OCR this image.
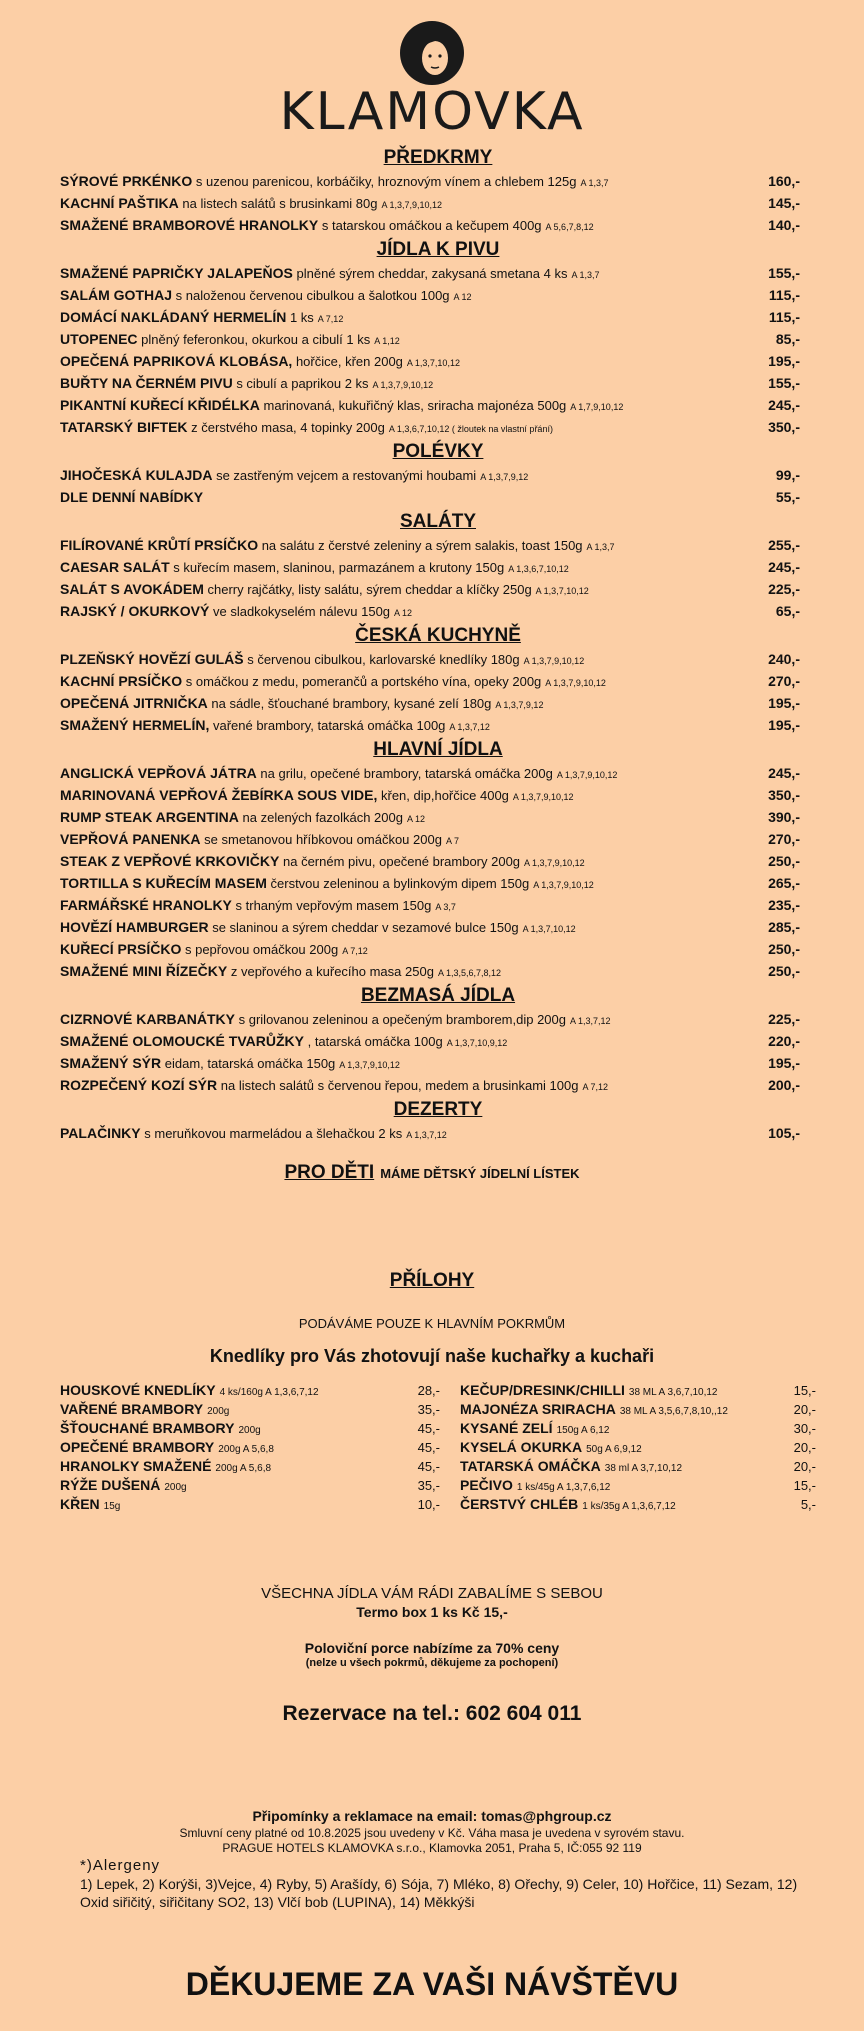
KLAMOVKA
PŘEDKRMY
SÝROVÉ PRKÉNKO s uzenou parenicou, korbáčiky, hroznovým vínem a chlebem 125g A 1,3,7	160,-
KACHNÍ PAŠTIKA na listech salátů s brusinkami 80g A 1,3,7,9,10,12	145,-
SMAŽENÉ BRAMBOROVÉ HRANOLKY s tatarskou omáčkou a kečupem 400g A 5,6,7,8,12	140,-
JÍDLA K PIVU
SMAŽENÉ PAPRIČKY JALAPEŇOS plněné sýrem cheddar, zakysaná smetana 4 ks A 1,3,7	155,-
SALÁM GOTHAJ s naloženou červenou cibulkou a šalotkou 100g A 12	115,-
DOMÁCÍ NAKLÁDANÝ HERMELÍN 1 ks A 7,12	115,-
UTOPENEC plněný feferonkou, okurkou a cibulí 1 ks A 1,12	85,-
OPEČENÁ PAPRIKOVÁ KLOBÁSA, hořčice, křen 200g A 1,3,7,10,12	195,-
BUŘTY NA ČERNÉM PIVU s cibulí a paprikou 2 ks A 1,3,7,9,10,12	155,-
PIKANTNÍ KUŘECÍ KŘIDÉLKA marinovaná, kukuřičný klas, sriracha majonéza 500g A 1,7,9,10,12	245,-
TATARSKÝ BIFTEK z čerstvého masa, 4 topinky 200g A 1,3,6,7,10,12 ( žloutek na vlastní přání)	350,-
POLÉVKY
JIHOČESKÁ KULAJDA se zastřeným vejcem a restovanými houbami A 1,3,7,9,12	99,-
DLE DENNÍ NABÍDKY	55,-
SALÁTY
FILÍROVANÉ KRŮTÍ PRSÍČKO na salátu z čerstvé zeleniny a sýrem salakis, toast 150g A 1,3,7	255,-
CAESAR SALÁT s kuřecím masem, slaninou, parmazánem a krutony 150g A 1,3,6,7,10,12	245,-
SALÁT S AVOKÁDEM cherry rajčátky, listy salátu, sýrem cheddar a klíčky 250g A 1,3,7,10,12	225,-
RAJSKÝ / OKURKOVÝ ve sladkokyselém nálevu 150g A 12	65,-
ČESKÁ KUCHYNĚ
PLZEŇSKÝ HOVĚZÍ GULÁŠ s červenou cibulkou, karlovarské knedlíky 180g A 1,3,7,9,10,12	240,-
KACHNÍ PRSÍČKO s omáčkou z medu, pomerančů a portského vína, opeky 200g A 1,3,7,9,10,12	270,-
OPEČENÁ JITRNIČKA na sádle, šťouchané brambory, kysané zelí 180g A 1,3,7,9,12	195,-
SMAŽENÝ HERMELÍN, vařené brambory, tatarská omáčka 100g A 1,3,7,12	195,-
HLAVNÍ JÍDLA
ANGLICKÁ VEPŘOVÁ JÁTRA na grilu, opečené brambory, tatarská omáčka 200g A 1,3,7,9,10,12	245,-
MARINOVANÁ VEPŘOVÁ ŽEBÍRKA SOUS VIDE, křen, dip,hořčice 400g A 1,3,7,9,10,12	350,-
RUMP STEAK ARGENTINA na zelených fazolkách 200g A 12	390,-
VEPŘOVÁ PANENKA se smetanovou hříbkovou omáčkou 200g A 7	270,-
STEAK Z VEPŘOVÉ KRKOVIČKY na černém pivu, opečené brambory 200g A 1,3,7,9,10,12	250,-
TORTILLA S KUŘECÍM MASEM čerstvou zeleninou a bylinkovým dipem 150g A 1,3,7,9,10,12	265,-
FARMÁŘSKÉ HRANOLKY s trhaným vepřovým masem 150g A 3,7	235,-
HOVĚZÍ HAMBURGER se slaninou a sýrem cheddar v sezamové bulce 150g A 1,3,7,10,12	285,-
KUŘECÍ PRSÍČKO s pepřovou omáčkou 200g A 7,12	250,-
SMAŽENÉ MINI ŘÍZEČKY z vepřového a kuřecího masa 250g A 1,3,5,6,7,8,12	250,-
BEZMASÁ JÍDLA
CIZRNOVÉ KARBANÁTKY s grilovanou zeleninou a opečeným bramborem,dip 200g A 1,3,7,12	225,-
SMAŽENÉ OLOMOUCKÉ TVARŮŽKY , tatarská omáčka 100g A 1,3,7,10,9,12	220,-
SMAŽENÝ SÝR eidam, tatarská omáčka 150g A 1,3,7,9,10,12	195,-
ROZPEČENÝ KOZÍ SÝR na listech salátů s červenou řepou, medem a brusinkami 100g A 7,12	200,-
DEZERTY
PALAČINKY s meruňkovou marmeládou a šlehačkou 2 ks A 1,3,7,12	105,-
PRO DĚTI MÁME DĚTSKÝ JÍDELNÍ LÍSTEK
PŘÍLOHY
PODÁVÁME POUZE K HLAVNÍM POKRMŮM
Knedlíky pro Vás zhotovují naše kuchařky a kuchaři
HOUSKOVÉ KNEDLÍKY 4 ks/160g A 1,3,6,7,12	28,-
VAŘENÉ BRAMBORY 200g	35,-
ŠŤOUCHANÉ BRAMBORY 200g	45,-
OPEČENÉ BRAMBORY 200g A 5,6,8	45,-
HRANOLKY SMAŽENÉ 200g A 5,6,8	45,-
RÝŽE DUŠENÁ 200g	35,-
KŘEN 15g	10,-
KEČUP/DRESINK/CHILLI 38 ML A 3,6,7,10,12	15,-
MAJONÉZA SRIRACHA 38 ML A 3,5,6,7,8,10,,12	20,-
KYSANÉ ZELÍ 150g A 6,12	30,-
KYSELÁ OKURKA 50g A 6,9,12	20,-
TATARSKÁ OMÁČKA 38 ml A 3,7,10,12	20,-
PEČIVO 1 ks/45g A 1,3,7,6,12	15,-
ČERSTVÝ CHLÉB 1 ks/35g A 1,3,6,7,12	5,-
VŠECHNA JÍDLA VÁM RÁDI ZABALÍME S SEBOU
Termo box 1 ks Kč 15,-
Poloviční porce nabízíme za 70% ceny
(nelze u všech pokrmů, děkujeme za pochopení)
Rezervace na tel.: 602 604 011
Připomínky a reklamace na email: tomas@phgroup.cz
Smluvní ceny platné od 10.8.2025 jsou uvedeny v Kč. Váha masa je uvedena v syrovém stavu.
PRAGUE HOTELS KLAMOVKA s.r.o., Klamovka 2051, Praha 5, IČ:055 92 119
*)Alergeny
1) Lepek, 2) Korýši, 3)Vejce, 4) Ryby, 5) Arašídy, 6) Sója, 7) Mléko, 8) Ořechy, 9) Celer, 10) Hořčice, 11) Sezam, 12) Oxid siřičitý, siřičitany SO2, 13) Vlčí bob (LUPINA), 14) Měkkýši
DĚKUJEME ZA VAŠI NÁVŠTĚVU
